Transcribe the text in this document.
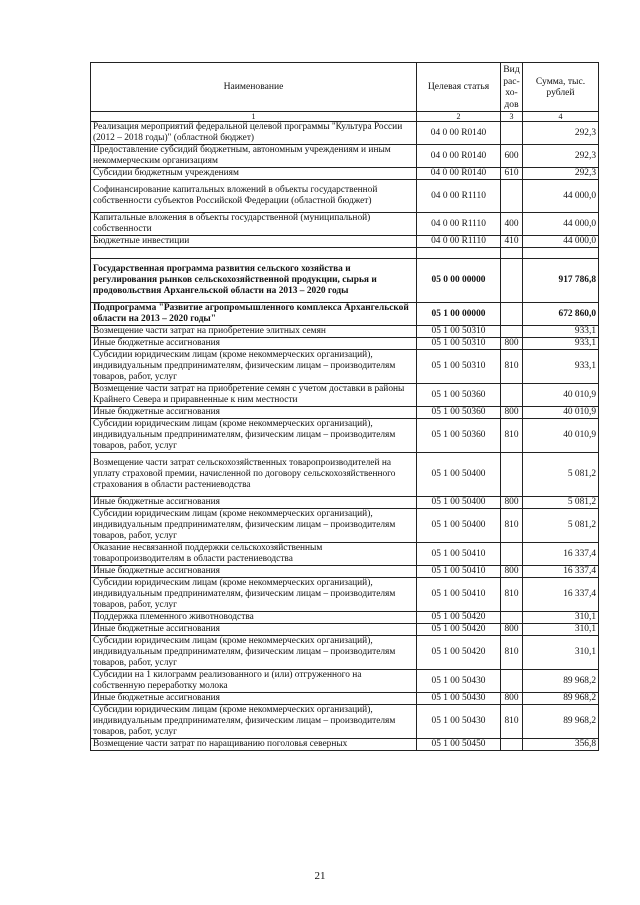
Наименование	Целевая статья	Вид рас-хо-дов	Сумма, тыс. рублей
1	2	3	4
Реализация мероприятий федеральной целевой программы "Культура России (2012 – 2018 годы)" (областной бюджет)	04 0 00 R0140		292,3
Предоставление субсидий бюджетным, автономным учреждениям и иным некоммерческим организациям	04 0 00 R0140	600	292,3
Субсидии бюджетным учреждениям	04 0 00 R0140	610	292,3
Софинансирование капитальных вложений в объекты государственной собственности субъектов Российской Федерации (областной бюджет)	04 0 00 R1110		44 000,0
Капитальные вложения в объекты государственной (муниципальной) собственности	04 0 00 R1110	400	44 000,0
Бюджетные инвестиции	04 0 00 R1110	410	44 000,0

Государственная программа развития сельского хозяйства и регулирования рынков сельскохозяйственной продукции, сырья и продовольствия Архангельской области на 2013 – 2020 годы	05 0 00 00000		917 786,8
Подпрограмма "Развитие агропромышленного комплекса Архангельской области на 2013 – 2020 годы"	05 1 00 00000		672 860,0
Возмещение части затрат на приобретение элитных семян	05 1 00 50310		933,1
Иные бюджетные ассигнования	05 1 00 50310	800	933,1
Субсидии юридическим лицам (кроме некоммерческих организаций), индивидуальным предпринимателям, физическим лицам – производителям товаров, работ, услуг	05 1 00 50310	810	933,1
Возмещение части затрат на приобретение семян с учетом доставки в районы Крайнего Севера и приравненные к ним местности	05 1 00 50360		40 010,9
Иные бюджетные ассигнования	05 1 00 50360	800	40 010,9
Субсидии юридическим лицам (кроме некоммерческих организаций), индивидуальным предпринимателям, физическим лицам – производителям товаров, работ, услуг	05 1 00 50360	810	40 010,9
Возмещение части затрат сельскохозяйственных товаропроизводителей на уплату страховой премии, начисленной по договору сельскохозяйственного страхования в области растениеводства	05 1 00 50400		5 081,2
Иные бюджетные ассигнования	05 1 00 50400	800	5 081,2
Субсидии юридическим лицам (кроме некоммерческих организаций), индивидуальным предпринимателям, физическим лицам – производителям товаров, работ, услуг	05 1 00 50400	810	5 081,2
Оказание несвязанной поддержки сельскохозяйственным товаропроизводителям в области растениеводства	05 1 00 50410		16 337,4
Иные бюджетные ассигнования	05 1 00 50410	800	16 337,4
Субсидии юридическим лицам (кроме некоммерческих организаций), индивидуальным предпринимателям, физическим лицам – производителям товаров, работ, услуг	05 1 00 50410	810	16 337,4
Поддержка племенного животноводства	05 1 00 50420		310,1
Иные бюджетные ассигнования	05 1 00 50420	800	310,1
Субсидии юридическим лицам (кроме некоммерческих организаций), индивидуальным предпринимателям, физическим лицам – производителям товаров, работ, услуг	05 1 00 50420	810	310,1
Субсидии на 1 килограмм реализованного и (или) отгруженного на собственную переработку молока	05 1 00 50430		89 968,2
Иные бюджетные ассигнования	05 1 00 50430	800	89 968,2
Субсидии юридическим лицам (кроме некоммерческих организаций), индивидуальным предпринимателям, физическим лицам – производителям товаров, работ, услуг	05 1 00 50430	810	89 968,2
Возмещение части затрат по наращиванию поголовья северных	05 1 00 50450		356,8
21
